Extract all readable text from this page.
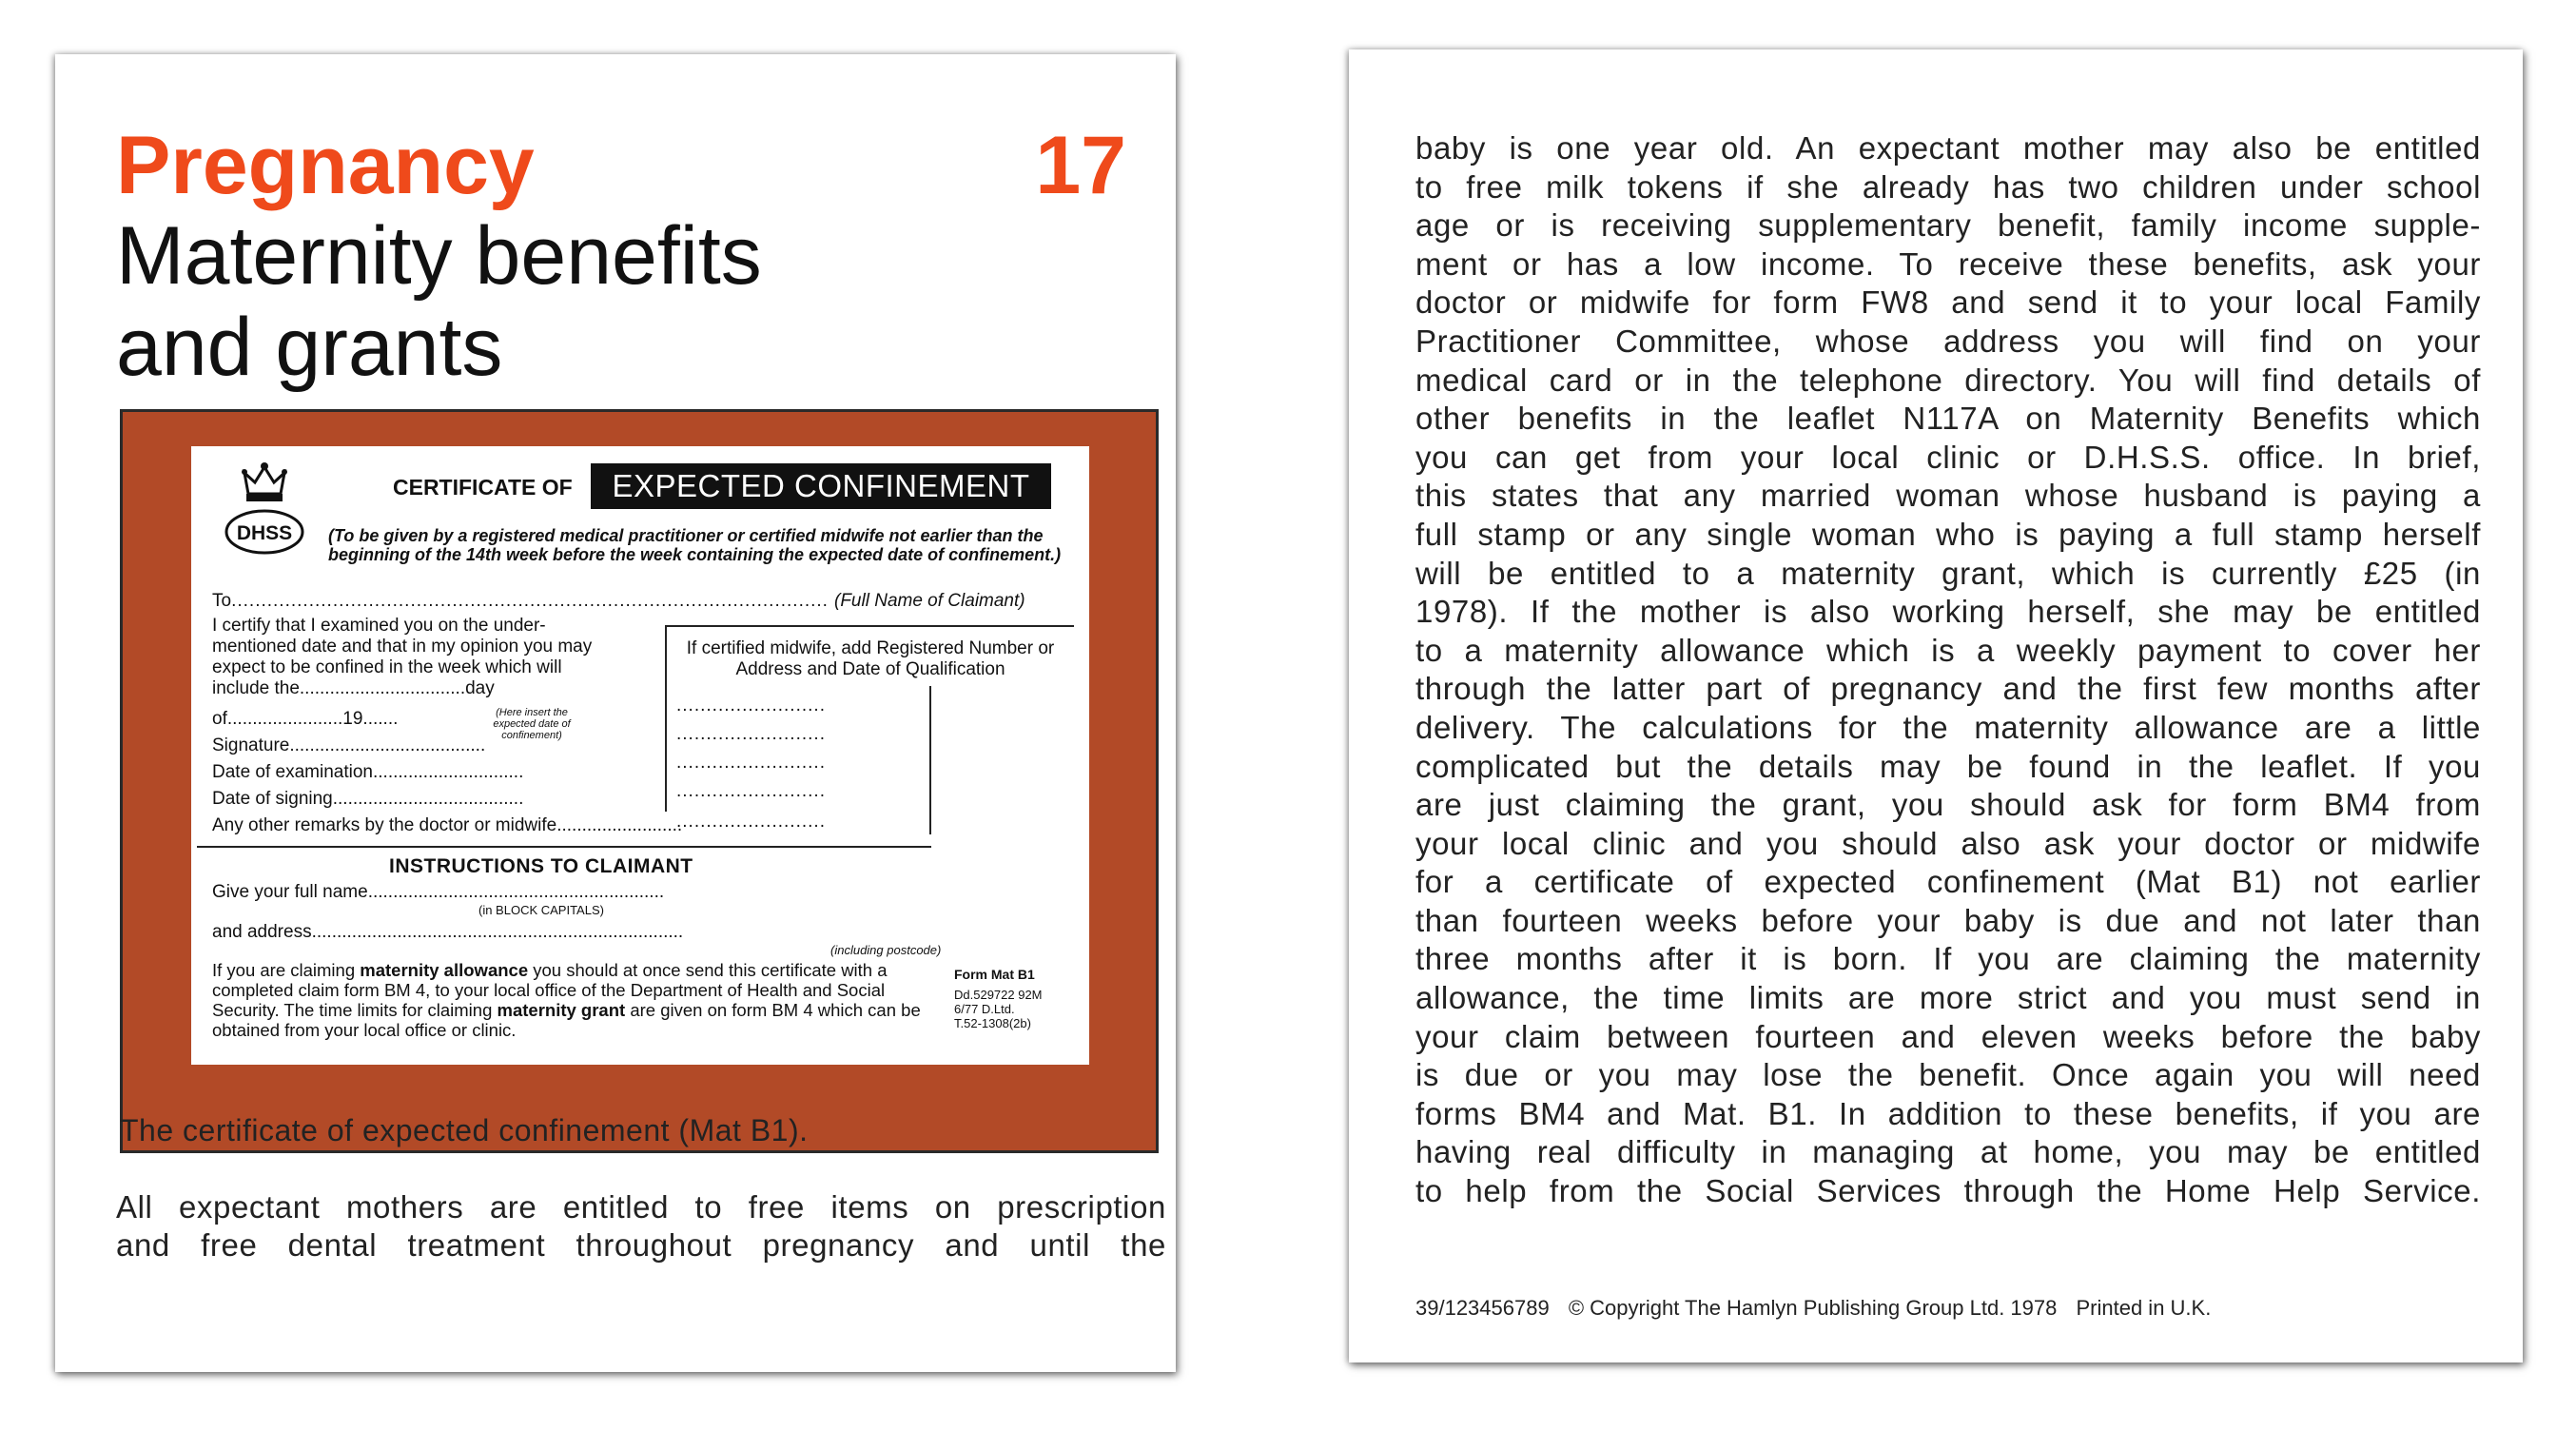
Pregnancy	17
Maternity benefits
and grants
DHSS
CERTIFICATE OF	EXPECTED CONFINEMENT
(To be given by a registered medical practitioner or certified midwife not earlier than the beginning of the 14th week before the week containing the expected date of confinement.)
To .................................................................................................... (Full Name of Claimant)
I certify that I examined you on the under-
mentioned date and that in my opinion you may
expect to be confined in the week which will
include the.................................day
of.......................19.......	(Here insert the expected date of confinement)
Signature.......................................
Date of examination..............................
Date of signing......................................
Any other remarks by the doctor or midwife.........................
If certified midwife, add Registered Number or Address and Date of Qualification
.........................
.........................
.........................
.........................
.........................
INSTRUCTIONS TO CLAIMANT
Give your full name...........................................................
(in BLOCK CAPITALS)
and address..........................................................................
(including postcode)
If you are claiming maternity allowance you should at once send this certificate with a completed claim form BM 4, to your local office of the Department of Health and Social Security. The time limits for claiming maternity grant are given on form BM 4 which can be obtained from your local office or clinic.
Form Mat B1
Dd.529722 92M
6/77 D.Ltd.
T.52-1308(2b)
The certificate of expected confinement (Mat B1).
All expectant mothers are entitled to free items on prescription
and free dental treatment throughout pregnancy and until the
baby is one year old. An expectant mother may also be entitled
to free milk tokens if she already has two children under school
age or is receiving supplementary benefit, family income supple-
ment or has a low income. To receive these benefits, ask your
doctor or midwife for form FW8 and send it to your local Family
Practitioner Committee, whose address you will find on your
medical card or in the telephone directory. You will find details of
other benefits in the leaflet N117A on Maternity Benefits which
you can get from your local clinic or D.H.S.S. office. In brief,
this states that any married woman whose husband is paying a
full stamp or any single woman who is paying a full stamp herself
will be entitled to a maternity grant, which is currently £25 (in
1978). If the mother is also working herself, she may be entitled
to a maternity allowance which is a weekly payment to cover her
through the latter part of pregnancy and the first few months after
delivery. The calculations for the maternity allowance are a little
complicated but the details may be found in the leaflet. If you
are just claiming the grant, you should ask for form BM4 from
your local clinic and you should also ask your doctor or midwife
for a certificate of expected confinement (Mat B1) not earlier
than fourteen weeks before your baby is due and not later than
three months after it is born. If you are claiming the maternity
allowance, the time limits are more strict and you must send in
your claim between fourteen and eleven weeks before the baby
is due or you may lose the benefit. Once again you will need
forms BM4 and Mat. B1. In addition to these benefits, if you are
having real difficulty in managing at home, you may be entitled
to help from the Social Services through the Home Help Service.
39/123456789 © Copyright The Hamlyn Publishing Group Ltd. 1978 Printed in U.K.
